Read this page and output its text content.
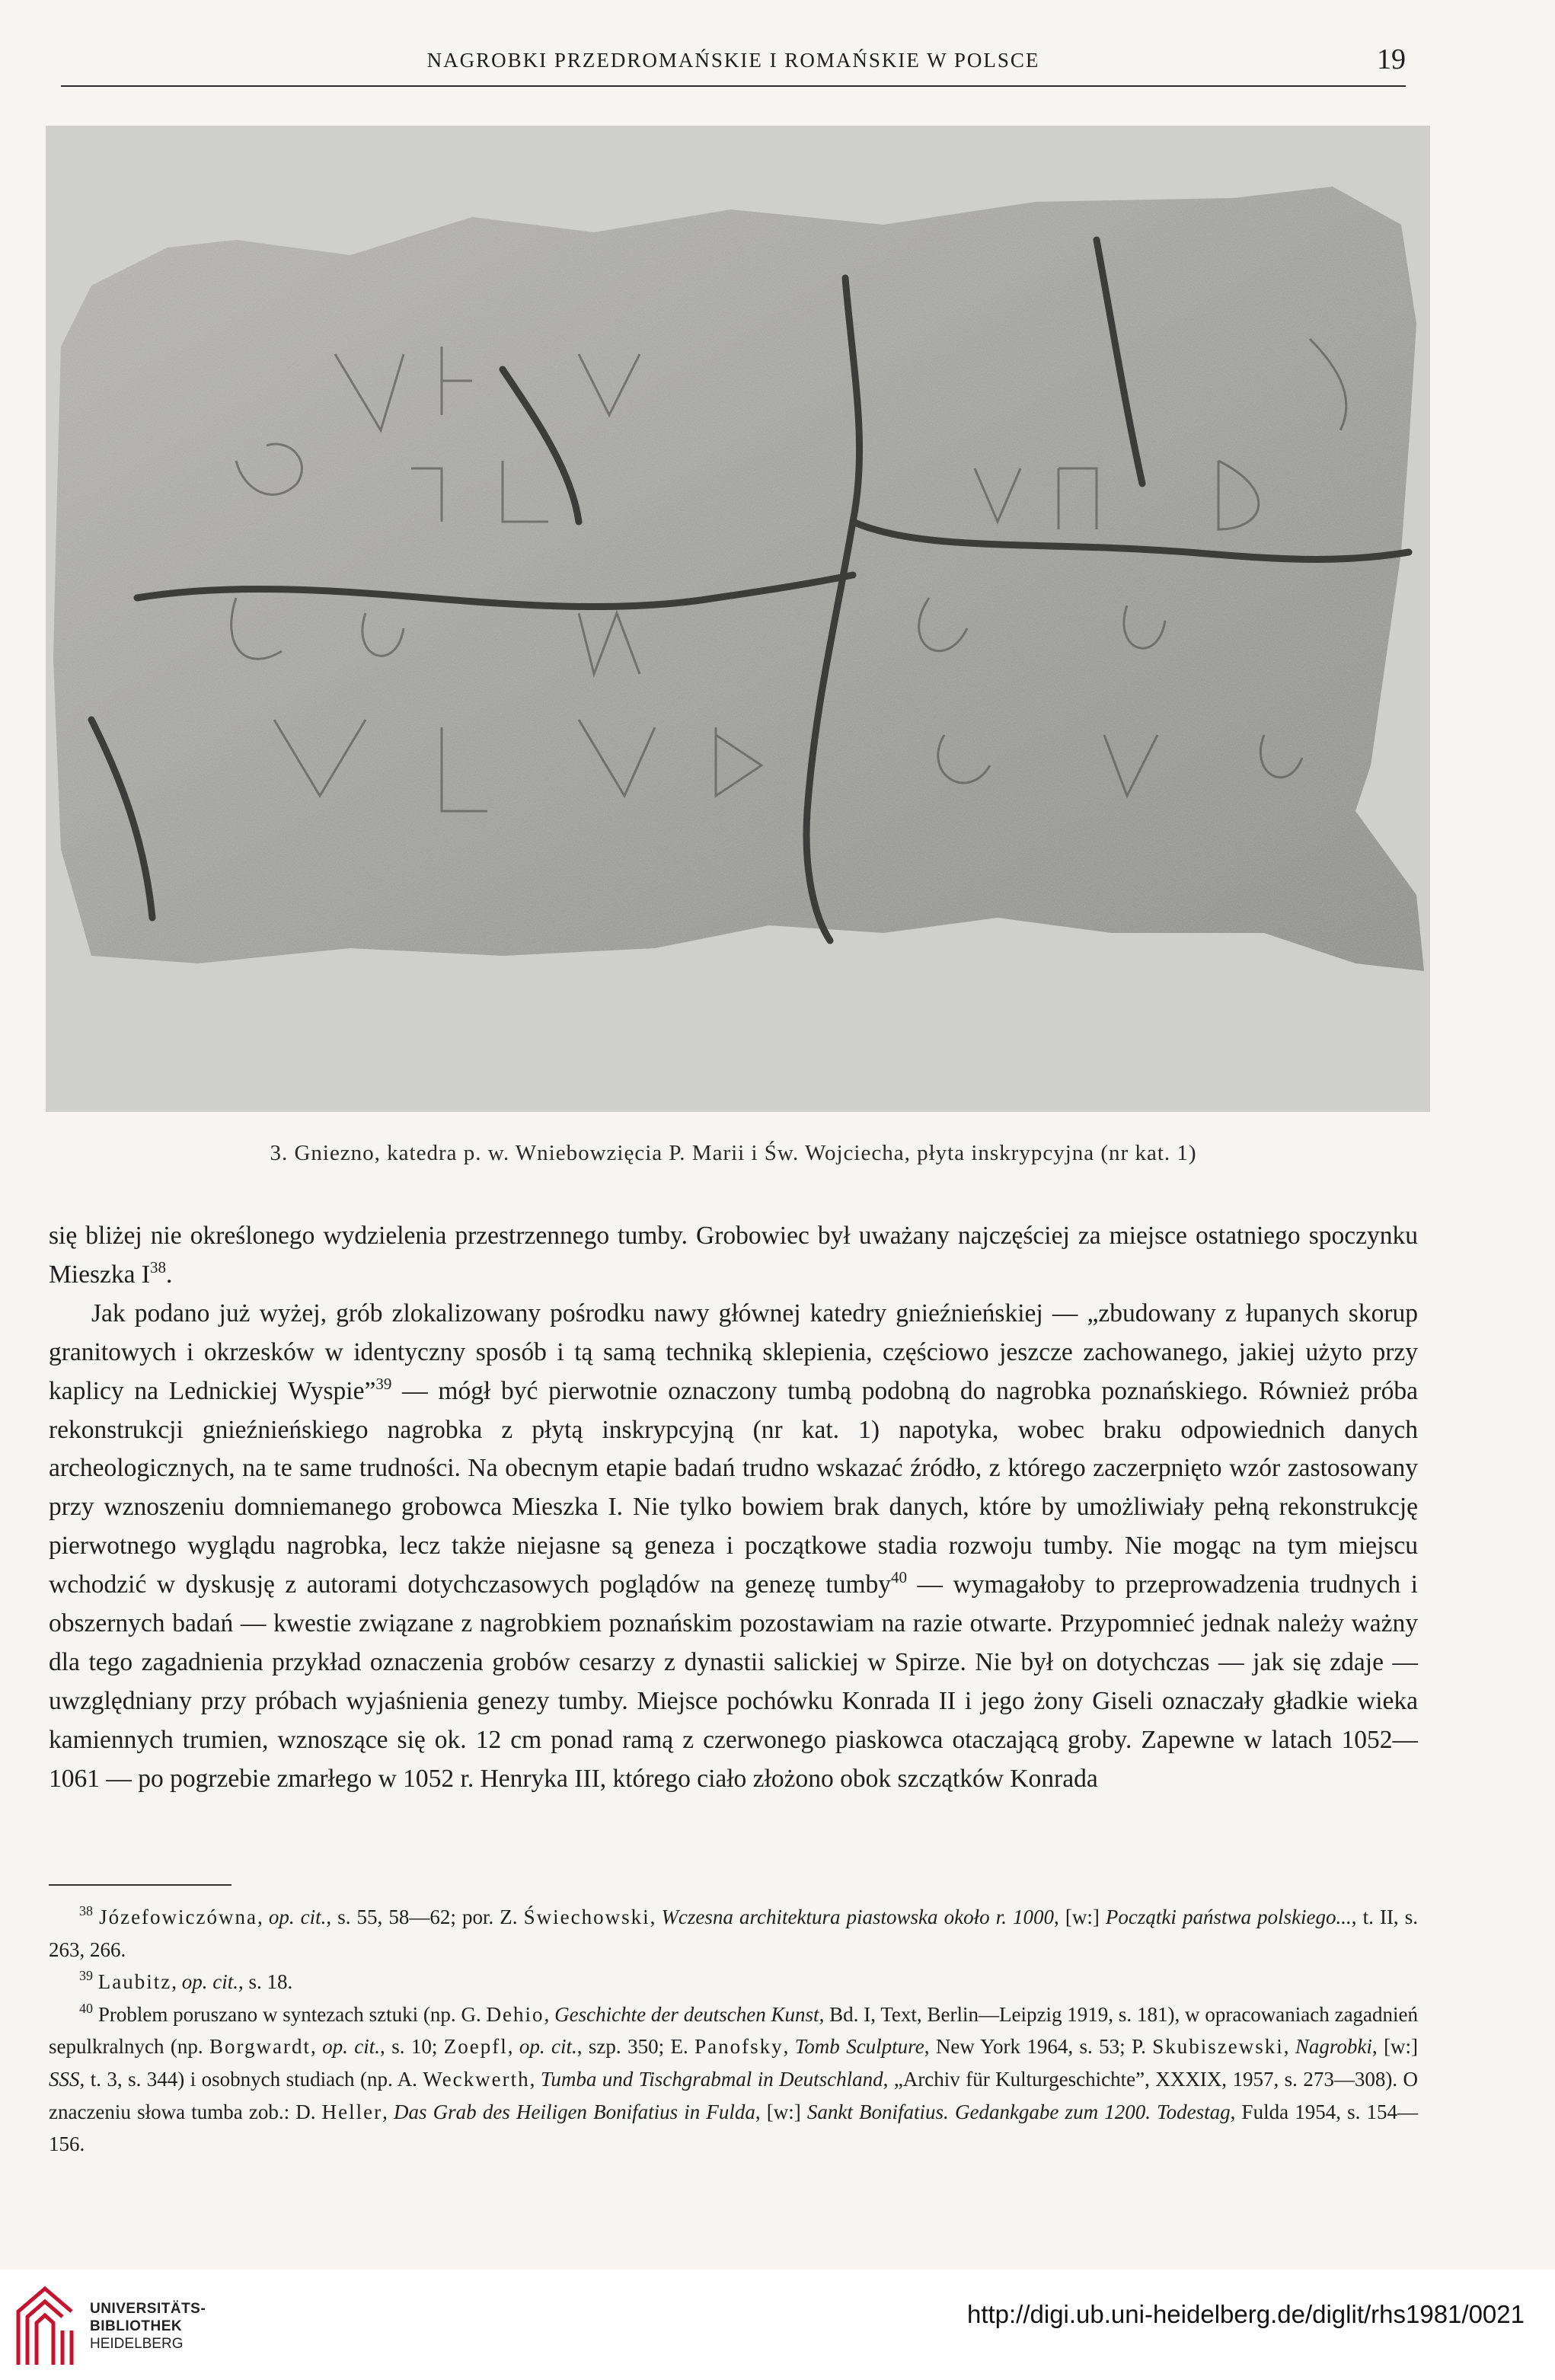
NAGROBKI PRZEDROMAŃSKIE I ROMAŃSKIE W POLSCE	19
3. Gniezno, katedra p. w. Wniebowzięcia P. Marii i Św. Wojciecha, płyta inskrypcyjna (nr kat. 1)

się bliżej nie określonego wydzielenia przestrzennego tumby. Grobowiec był uważany najczęściej za miejsce ostatniego spoczynku Mieszka $I^{38}$.

Jak podano już wyżej, grób zlokalizowany pośrodku nawy głównej katedry gnieźnieńskiej — „zbudowany z łupanych skorup granitowych i okrzesków w identyczny sposób i tą samą techniką sklepienia, częściowo jeszcze zachowanego, jakiej użyto przy kaplicy na Lednickiej Wyspie”$^{39}$ — mógł być pierwotnie oznaczony tumbą podobną do nagrobka poznańskiego. Również próba rekonstrukcji gnieźnieńskiego nagrobka z płytą inskrypcyjną (nr kat. 1) napotyka, wobec braku odpowiednich danych archeologicznych, na te same trudności. Na obecnym etapie badań trudno wskazać źródło, z którego zaczerpnięto wzór zastosowany przy wznoszeniu domniemanego grobowca Mieszka I. Nie tylko bowiem brak danych, które by umożliwiały pełną rekonstrukcję pierwotnego wyglądu nagrobka, lecz także niejasne są geneza i początkowe stadia rozwoju tumby. Nie mogąc na tym miejscu wchodzić w dyskusję z autorami dotychczasowych poglądów na genezę tumby$^{40}$ — wymagałoby to przeprowadzenia trudnych i obszernych badań — kwestie związane z nagrobkiem poznańskim pozostawiam na razie otwarte. Przypomnieć jednak należy ważny dla tego zagadnienia przykład oznaczenia grobów cesarzy z dynastii salickiej w Spirze. Nie był on dotychczas — jak się zdaje — uwzględniany przy próbach wyjaśnienia genezy tumby. Miejsce pochówku Konrada II i jego żony Giseli oznaczały gładkie wieka kamiennych trumien, wznoszące się ok. 12 cm ponad ramą z czerwonego piaskowca otaczającą groby. Zapewne w latach 1052—1061 — po pogrzebie zmarłego w 1052 r. Henryka III, którego ciało złożono obok szczątków Konrada

$^{38}$ Józefowiczówna, op. cit., s. 55, 58—62; por. Z. Świechowski, Wczesna architektura piastowska około r. 1000, [w:] Początki państwa polskiego..., t. II, s. 263, 266.

$^{39}$ Laubitz, op. cit., s. 18.

$^{40}$ Problem poruszano w syntezach sztuki (np. G. Dehio, Geschichte der deutschen Kunst, Bd. I, Text, Berlin—Leipzig 1919, s. 181), w opracowaniach zagadnień sepulkralnych (np. Borgwardt, op. cit., s. 10; Zoepfl, op. cit., szp. 350; E. Panofsky, Tomb Sculpture, New York 1964, s. 53; P. Skubiszewski, Nagrobki, [w:] SSS, t. 3, s. 344) i osobnych studiach (np. A. Weckwerth, Tumba und Tischgrabmal in Deutschland, „Archiv für Kulturgeschichte”, XXXIX, 1957, s. 273—308). O znaczeniu słowa tumba zob.: D. Heller, Das Grab des Heiligen Bonifatius in Fulda, [w:] Sankt Bonifatius. Gedankgabe zum 1200. Todestag, Fulda 1954, s. 154—156.

UNIVERSITÄTS-
BIBLIOTHEK
HEIDELBERG
http://digi.ub.uni-heidelberg.de/diglit/rhs1981/0021
